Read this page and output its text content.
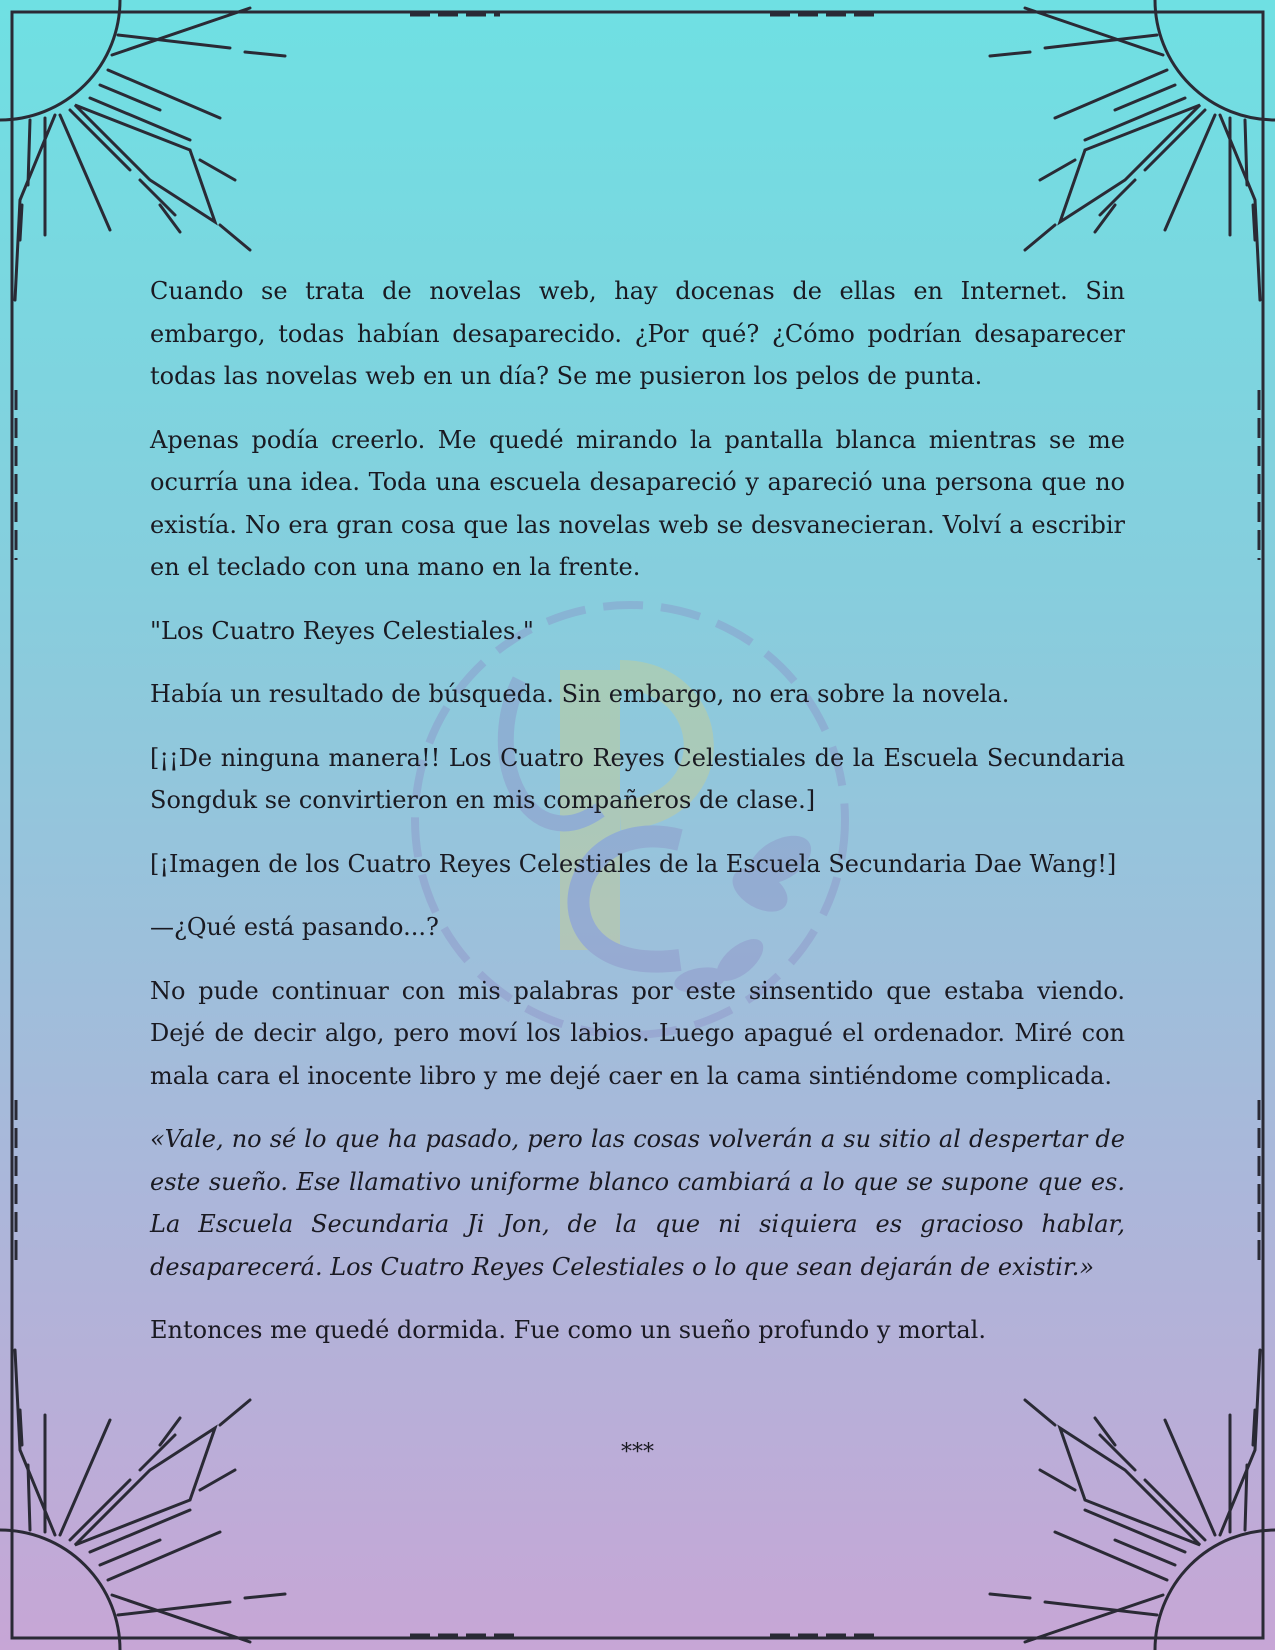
Cuando se trata de novelas web, hay docenas de ellas en Internet. Sin embargo, todas habían desaparecido. ¿Por qué? ¿Cómo podrían desaparecer todas las novelas web en un día? Se me pusieron los pelos de punta.

Apenas podía creerlo. Me quedé mirando la pantalla blanca mientras se me ocurría una idea. Toda una escuela desapareció y apareció una persona que no existía. No era gran cosa que las novelas web se desvanecieran. Volví a escribir en el teclado con una mano en la frente.

"Los Cuatro Reyes Celestiales."

Había un resultado de búsqueda. Sin embargo, no era sobre la novela.

[¡¡De ninguna manera!! Los Cuatro Reyes Celestiales de la Escuela Secundaria Songduk se convirtieron en mis compañeros de clase.]

[¡Imagen de los Cuatro Reyes Celestiales de la Escuela Secundaria Dae Wang!]

—¿Qué está pasando...?

No pude continuar con mis palabras por este sinsentido que estaba viendo. Dejé de decir algo, pero moví los labios. Luego apagué el ordenador. Miré con mala cara el inocente libro y me dejé caer en la cama sintiéndome complicada.

«Vale, no sé lo que ha pasado, pero las cosas volverán a su sitio al despertar de este sueño. Ese llamativo uniforme blanco cambiará a lo que se supone que es. La Escuela Secundaria Ji Jon, de la que ni siquiera es gracioso hablar, desaparecerá. Los Cuatro Reyes Celestiales o lo que sean dejarán de existir.»

Entonces me quedé dormida. Fue como un sueño profundo y mortal.

***
